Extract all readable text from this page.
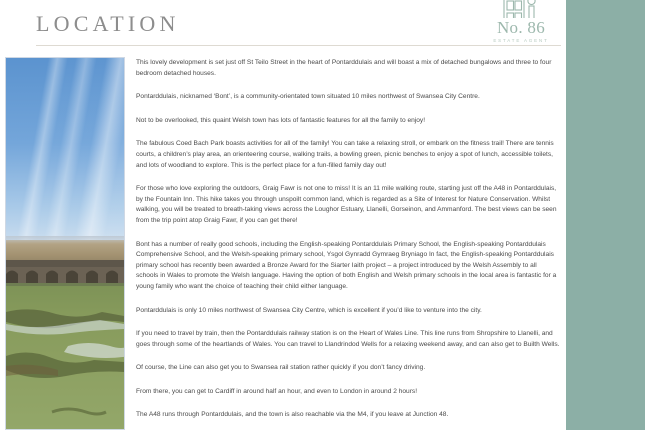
LOCATION	No. 86
ESTATE AGENT

This lovely development is set just off St Teilo Street in the heart of Pontarddulais and will boast a mix of detached bungalows and three to four bedroom detached houses.

Pontarddulais, nicknamed ‘Bont’, is a community-orientated town situated 10 miles northwest of Swansea City Centre.

Not to be overlooked, this quaint Welsh town has lots of fantastic features for all the family to enjoy!

The fabulous Coed Bach Park boasts activities for all of the family! You can take a relaxing stroll, or embark on the fitness trail! There are tennis courts, a children’s play area, an orienteering course, walking trails, a bowling green, picnic benches to enjoy a spot of lunch, accessible toilets, and lots of woodland to explore. This is the perfect place for a fun-filled family day out!

For those who love exploring the outdoors, Graig Fawr is not one to miss! It is an 11 mile walking route, starting just off the A48 in Pontarddulais, by the Fountain Inn. This hike takes you through unspoilt common land, which is regarded as a Site of Interest for Nature Conservation. Whilst walking, you will be treated to breath-taking views across the Loughor Estuary, Llanelli, Gorseinon, and Ammanford. The best views can be seen from the trip point atop Graig Fawr, if you can get there!

Bont has a number of really good schools, including the English-speaking Pontarddulais Primary School, the English-speaking Pontarddulais Comprehensive School, and the Welsh-speaking primary school, Ysgol Gynradd Gymraeg Bryniago In fact, the English-speaking Pontarddulais primary school has recently been awarded a Bronze Award for the Siarter Iaith project – a project introduced by the Welsh Assembly to all schools in Wales to promote the Welsh language. Having the option of both English and Welsh primary schools in the local area is fantastic for a young family who want the choice of teaching their child either language.

Pontarddulais is only 10 miles northwest of Swansea City Centre, which is excellent if you’d like to venture into the city.

If you need to travel by train, then the Pontarddulais railway station is on the Heart of Wales Line. This line runs from Shropshire to Llanelli, and goes through some of the heartlands of Wales. You can travel to Llandrindod Wells for a relaxing weekend away, and can also get to Builth Wells.

Of course, the Line can also get you to Swansea rail station rather quickly if you don’t fancy driving.

From there, you can get to Cardiff in around half an hour, and even to London in around 2 hours!

The A48 runs through Pontarddulais, and the town is also reachable via the M4, if you leave at Junction 48.
